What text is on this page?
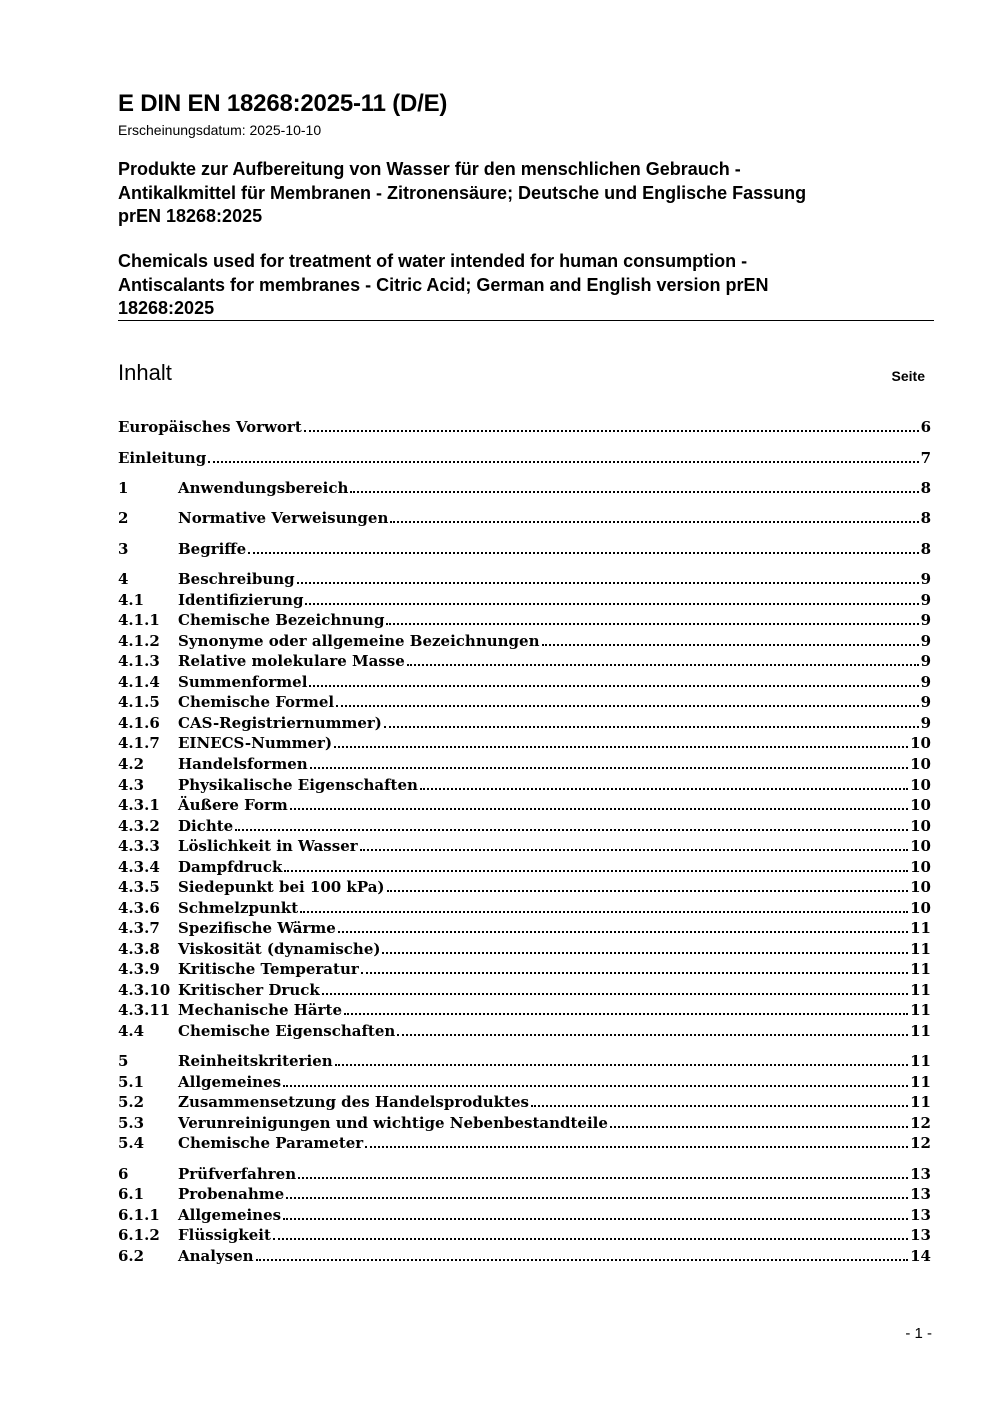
E DIN EN 18268:2025-11 (D/E)
Erscheinungsdatum: 2025-10-10
Produkte zur Aufbereitung von Wasser für den menschlichen Gebrauch -
Antikalkmittel für Membranen - Zitronensäure; Deutsche und Englische Fassung
prEN 18268:2025
Chemicals used for treatment of water intended for human consumption -
Antiscalants for membranes - Citric Acid; German and English version prEN
18268:2025
Inhalt	Seite
Europäisches Vorwort	6
Einleitung	7
1	Anwendungsbereich	8
2	Normative Verweisungen	8
3	Begriffe	8
4	Beschreibung	9
4.1	Identifizierung	9
4.1.1	Chemische Bezeichnung	9
4.1.2	Synonyme oder allgemeine Bezeichnungen	9
4.1.3	Relative molekulare Masse	9
4.1.4	Summenformel	9
4.1.5	Chemische Formel	9
4.1.6	CAS-Registriernummer)	9
4.1.7	EINECS-Nummer)	10
4.2	Handelsformen	10
4.3	Physikalische Eigenschaften	10
4.3.1	Äußere Form	10
4.3.2	Dichte	10
4.3.3	Löslichkeit in Wasser	10
4.3.4	Dampfdruck	10
4.3.5	Siedepunkt bei 100 kPa)	10
4.3.6	Schmelzpunkt	10
4.3.7	Spezifische Wärme	11
4.3.8	Viskosität (dynamische)	11
4.3.9	Kritische Temperatur	11
4.3.10 Kritischer Druck	11
4.3.11 Mechanische Härte	11
4.4	Chemische Eigenschaften	11
5	Reinheitskriterien	11
5.1	Allgemeines	11
5.2	Zusammensetzung des Handelsproduktes	11
5.3	Verunreinigungen und wichtige Nebenbestandteile	12
5.4	Chemische Parameter	12
6	Prüfverfahren	13
6.1	Probenahme	13
6.1.1	Allgemeines	13
6.1.2	Flüssigkeit	13
6.2	Analysen	14
- 1 -
